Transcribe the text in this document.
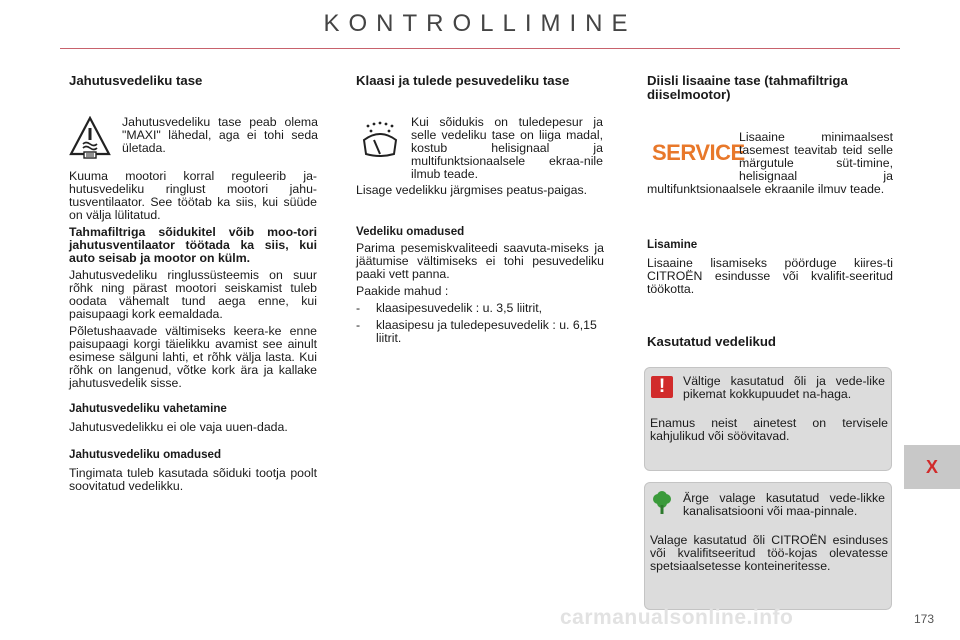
KONTROLLIMINE
Jahutusvedeliku tase

Jahutusvedeliku tase peab olema "MAXI" lähedal, aga ei tohi seda ületada.

Kuuma mootori korral reguleerib ja-hutusvedeliku ringlust mootori jahu-tusventilaator. See töötab ka siis, kui süüde on välja lülitatud.

Tahmafiltriga sõidukitel võib moo-tori jahutusventilaator töötada ka siis, kui auto seisab ja mootor on külm.

Jahutusvedeliku ringlussüsteemis on suur rõhk ning pärast mootori seiskamist tuleb oodata vähemalt tund aega enne, kui paisupaagi kork eemaldada.

Põletushaavade vältimiseks keera-ke enne paisupaagi korgi täielikku avamist see ainult esimese sälguni lahti, et rõhk välja lasta. Kui rõhk on langenud, võtke kork ära ja kallake jahutusvedelik sisse.

Jahutusvedeliku vahetamine

Jahutusvedelikku ei ole vaja uuen-dada.

Jahutusvedeliku omadused

Tingimata tuleb kasutada sõiduki tootja poolt soovitatud vedelikku.

Klaasi ja tulede pesuvedeliku tase

Kui sõidukis on tuledepesur ja selle vedeliku tase on liiga madal, kostub helisignaal ja multifunktsionaalsele ekraa-nile ilmub teade.

Lisage vedelikku järgmises peatus-paigas.

Vedeliku omadused

Parima pesemiskvaliteedi saavuta-miseks ja jäätumise vältimiseks ei tohi pesuvedeliku paaki vett panna.

Paakide mahud :

- klaasipesuvedelik : u. 3,5 liitrit,
- klaasipesu ja tuledepesuvedelik : u. 6,15 liitrit.
Diisli lisaaine tase (tahmafiltriga diiselmootor)
SERVICE

Lisaaine minimaalsest tasemest teavitab teid selle märgutule süt-timine, helisignaal ja multifunktsionaalsele ekraanile ilmuv teade.

Lisamine

Lisaaine lisamiseks pöörduge kiires-ti CITROËN esindusse või kvalifit-seeritud töökotta.

Kasutatud vedelikud
!	Vältige kasutatud õli ja vede-like pikemat kokkupuudet na-haga.

Enamus neist ainetest on tervisele kahjulikud või söövitavad.

Ärge valage kasutatud vede-likke kanalisatsiooni või maa-pinnale.

Valage kasutatud õli CITROËN esinduses või kvalifitseeritud töö-kojas olevatesse spetsiaalsetesse konteineritesse.

X
carmanualsonline.info	173
